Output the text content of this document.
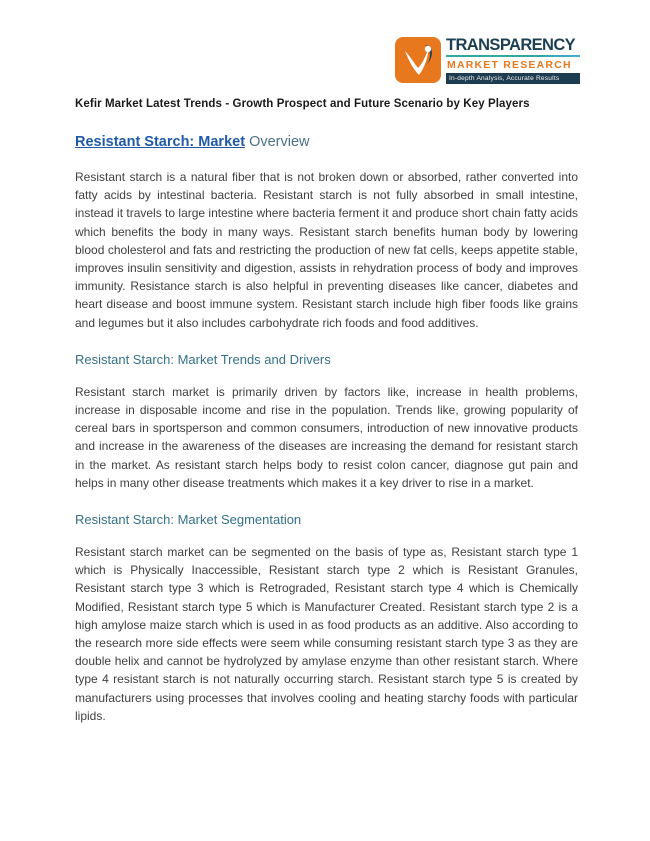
TRANSPARENCY
MARKET RESEARCH
In-depth Analysis, Accurate Results
Kefir Market Latest Trends - Growth Prospect and Future Scenario by Key Players
Resistant Starch: Market Overview

Resistant starch is a natural fiber that is not broken down or absorbed, rather converted into fatty acids by intestinal bacteria. Resistant starch is not fully absorbed in small intestine, instead it travels to large intestine where bacteria ferment it and produce short chain fatty acids which benefits the body in many ways. Resistant starch benefits human body by lowering blood cholesterol and fats and restricting the production of new fat cells, keeps appetite stable, improves insulin sensitivity and digestion, assists in rehydration process of body and improves immunity. Resistance starch is also helpful in preventing diseases like cancer, diabetes and heart disease and boost immune system. Resistant starch include high fiber foods like grains and legumes but it also includes carbohydrate rich foods and food additives.

Resistant Starch: Market Trends and Drivers

Resistant starch market is primarily driven by factors like, increase in health problems, increase in disposable income and rise in the population. Trends like, growing popularity of cereal bars in sportsperson and common consumers, introduction of new innovative products and increase in the awareness of the diseases are increasing the demand for resistant starch in the market. As resistant starch helps body to resist colon cancer, diagnose gut pain and helps in many other disease treatments which makes it a key driver to rise in a market.

Resistant Starch: Market Segmentation

Resistant starch market can be segmented on the basis of type as, Resistant starch type 1 which is Physically Inaccessible, Resistant starch type 2 which is Resistant Granules, Resistant starch type 3 which is Retrograded, Resistant starch type 4 which is Chemically Modified, Resistant starch type 5 which is Manufacturer Created. Resistant starch type 2 is a high amylose maize starch which is used in as food products as an additive. Also according to the research more side effects were seem while consuming resistant starch type 3 as they are double helix and cannot be hydrolyzed by amylase enzyme than other resistant starch. Where type 4 resistant starch is not naturally occurring starch. Resistant starch type 5 is created by manufacturers using processes that involves cooling and heating starchy foods with particular lipids.
